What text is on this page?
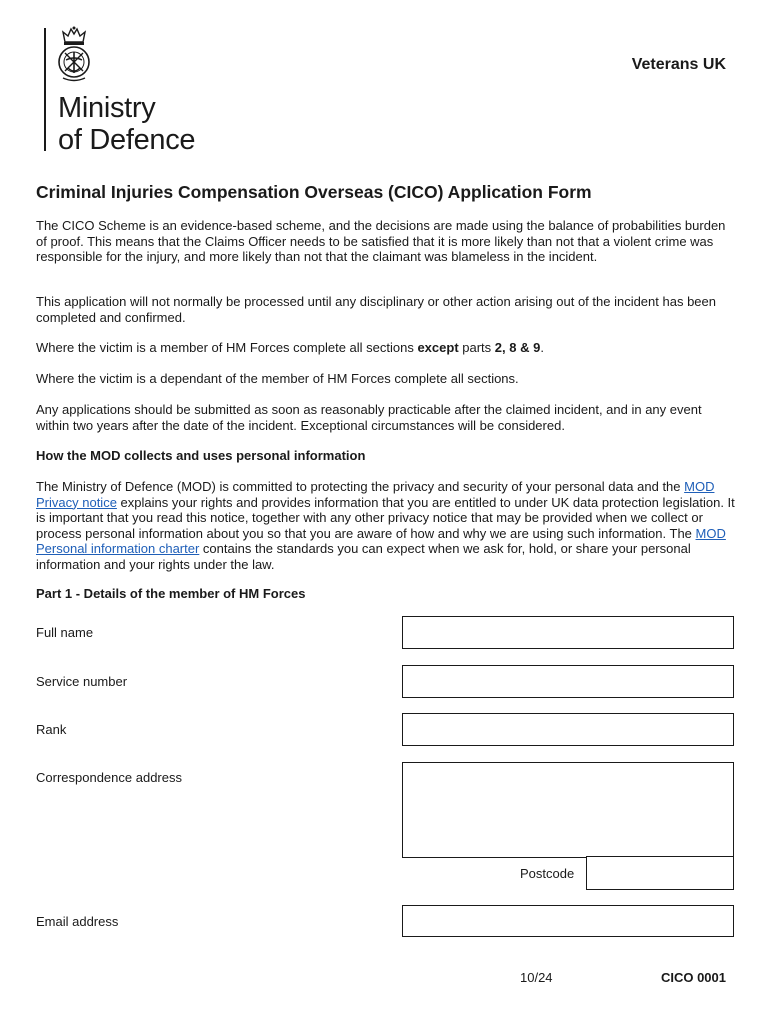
Ministry
of Defence
Veterans UK
Criminal Injuries Compensation Overseas (CICO) Application Form

The CICO Scheme is an evidence-based scheme, and the decisions are made using the balance of probabilities burden of proof. This means that the Claims Officer needs to be satisfied that it is more likely than not that a violent crime was responsible for the injury, and more likely than not that the claimant was blameless in the incident.

This application will not normally be processed until any disciplinary or other action arising out of the incident has been completed and confirmed.

Where the victim is a member of HM Forces complete all sections except parts 2, 8 & 9.

Where the victim is a dependant of the member of HM Forces complete all sections.

Any applications should be submitted as soon as reasonably practicable after the claimed incident, and in any event within two years after the date of the incident. Exceptional circumstances will be considered.

How the MOD collects and uses personal information

The Ministry of Defence (MOD) is committed to protecting the privacy and security of your personal data and the MOD Privacy notice explains your rights and provides information that you are entitled to under UK data protection legislation. It is important that you read this notice, together with any other privacy notice that may be provided when we collect or process personal information about you so that you are aware of how and why we are using such information. The MOD Personal information charter contains the standards you can expect when we ask for, hold, or share your personal information and your rights under the law.

Part 1 - Details of the member of HM Forces
Full name
Service number
Rank
Correspondence address
Postcode
Email address
10/24	CICO 0001
